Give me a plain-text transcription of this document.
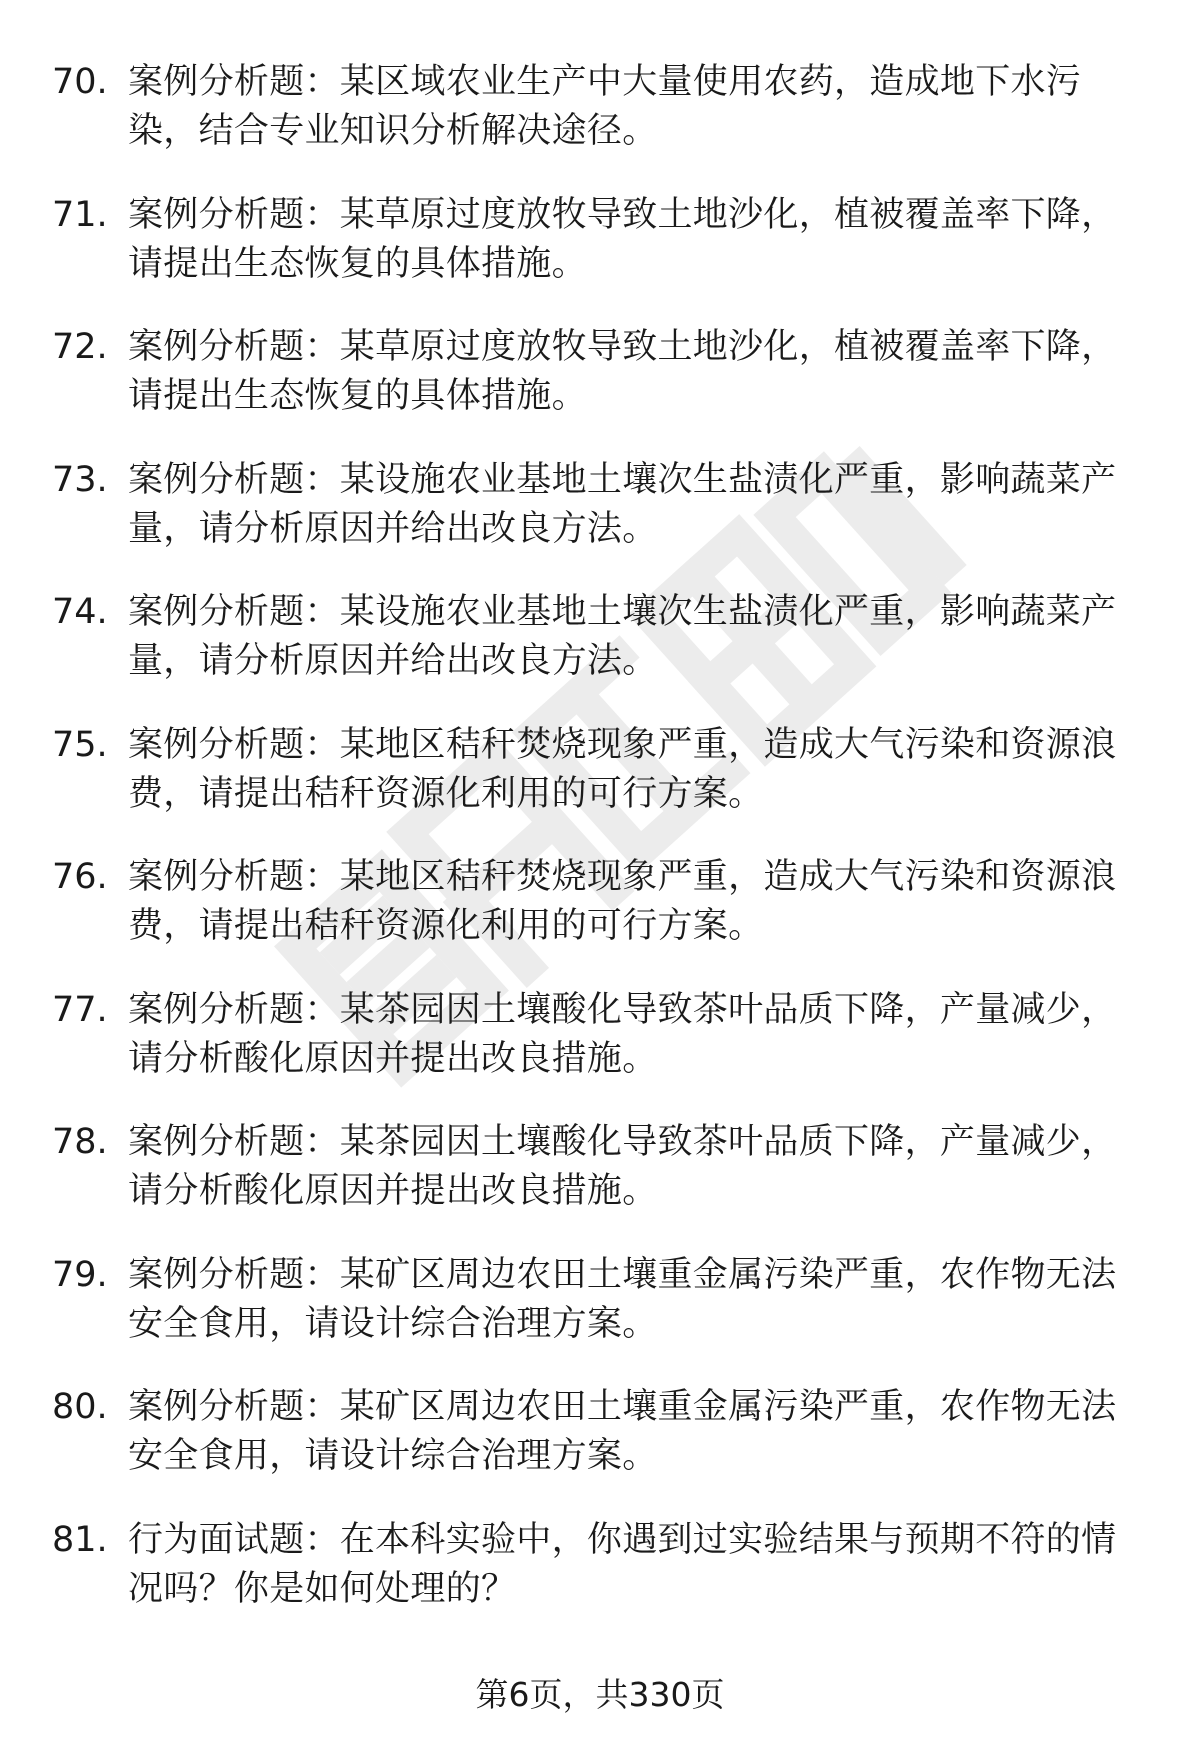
70. 案例分析题：某区域农业生产中大量使用农药，造成地下水污染，结合专业知识分析解决途径。
71. 案例分析题：某草原过度放牧导致土地沙化，植被覆盖率下降，请提出生态恢复的具体措施。
72. 案例分析题：某草原过度放牧导致土地沙化，植被覆盖率下降，请提出生态恢复的具体措施。
73. 案例分析题：某设施农业基地土壤次生盐渍化严重，影响蔬菜产量，请分析原因并给出改良方法。
74. 案例分析题：某设施农业基地土壤次生盐渍化严重，影响蔬菜产量，请分析原因并给出改良方法。
75. 案例分析题：某地区秸秆焚烧现象严重，造成大气污染和资源浪费，请提出秸秆资源化利用的可行方案。
76. 案例分析题：某地区秸秆焚烧现象严重，造成大气污染和资源浪费，请提出秸秆资源化利用的可行方案。
77. 案例分析题：某茶园因土壤酸化导致茶叶品质下降，产量减少，请分析酸化原因并提出改良措施。
78. 案例分析题：某茶园因土壤酸化导致茶叶品质下降，产量减少，请分析酸化原因并提出改良措施。
79. 案例分析题：某矿区周边农田土壤重金属污染严重，农作物无法安全食用，请设计综合治理方案。
80. 案例分析题：某矿区周边农田土壤重金属污染严重，农作物无法安全食用，请设计综合治理方案。
81. 行为面试题：在本科实验中，你遇到过实验结果与预期不符的情况吗？你是如何处理的？
第6页，共330页
